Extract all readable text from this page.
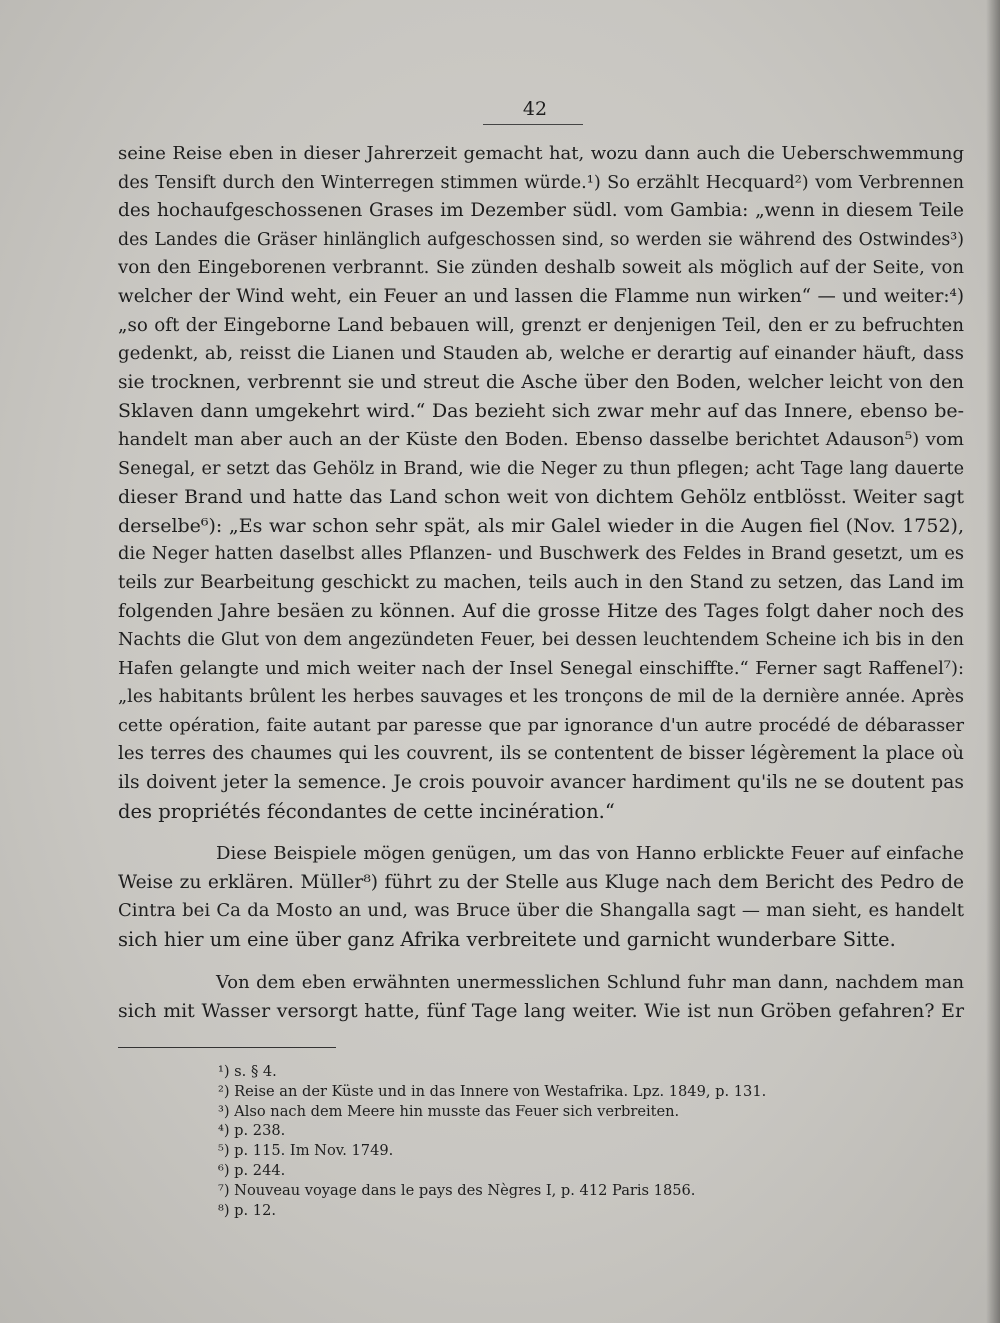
42
seine Reise eben in dieser Jahrerzeit gemacht hat, wozu dann auch die Ueberschwemmung
des Tensift durch den Winterregen stimmen würde.¹) So erzählt Hecquard²) vom Verbrennen
des hochaufgeschossenen Grases im Dezember südl. vom Gambia: „wenn in diesem Teile
des Landes die Gräser hinlänglich aufgeschossen sind, so werden sie während des Ostwindes³)
von den Eingeborenen verbrannt. Sie zünden deshalb soweit als möglich auf der Seite, von
welcher der Wind weht, ein Feuer an und lassen die Flamme nun wirken“ — und weiter:⁴)
„so oft der Eingeborne Land bebauen will, grenzt er denjenigen Teil, den er zu befruchten
gedenkt, ab, reisst die Lianen und Stauden ab, welche er derartig auf einander häuft, dass
sie trocknen, verbrennt sie und streut die Asche über den Boden, welcher leicht von den
Sklaven dann umgekehrt wird.“ Das bezieht sich zwar mehr auf das Innere, ebenso be-
handelt man aber auch an der Küste den Boden. Ebenso dasselbe berichtet Adauson⁵) vom
Senegal, er setzt das Gehölz in Brand, wie die Neger zu thun pflegen; acht Tage lang dauerte
dieser Brand und hatte das Land schon weit von dichtem Gehölz entblösst. Weiter sagt
derselbe⁶): „Es war schon sehr spät, als mir Galel wieder in die Augen fiel (Nov. 1752),
die Neger hatten daselbst alles Pflanzen- und Buschwerk des Feldes in Brand gesetzt, um es
teils zur Bearbeitung geschickt zu machen, teils auch in den Stand zu setzen, das Land im
folgenden Jahre besäen zu können. Auf die grosse Hitze des Tages folgt daher noch des
Nachts die Glut von dem angezündeten Feuer, bei dessen leuchtendem Scheine ich bis in den
Hafen gelangte und mich weiter nach der Insel Senegal einschiffte.“ Ferner sagt Raffenel⁷):
„les habitants brûlent les herbes sauvages et les tronçons de mil de la dernière année. Après
cette opération, faite autant par paresse que par ignorance d'un autre procédé de débarasser
les terres des chaumes qui les couvrent, ils se contentent de bisser légèrement la place où
ils doivent jeter la semence. Je crois pouvoir avancer hardiment qu'ils ne se doutent pas
des propriétés fécondantes de cette incinération.“
Diese Beispiele mögen genügen, um das von Hanno erblickte Feuer auf einfache
Weise zu erklären. Müller⁸) führt zu der Stelle aus Kluge nach dem Bericht des Pedro de
Cintra bei Ca da Mosto an und, was Bruce über die Shangalla sagt — man sieht, es handelt
sich hier um eine über ganz Afrika verbreitete und garnicht wunderbare Sitte.
Von dem eben erwähnten unermesslichen Schlund fuhr man dann, nachdem man
sich mit Wasser versorgt hatte, fünf Tage lang weiter. Wie ist nun Gröben gefahren? Er
¹) s. § 4.
²) Reise an der Küste und in das Innere von Westafrika. Lpz. 1849, p. 131.
³) Also nach dem Meere hin musste das Feuer sich verbreiten.
⁴) p. 238.
⁵) p. 115. Im Nov. 1749.
⁶) p. 244.
⁷) Nouveau voyage dans le pays des Nègres I, p. 412 Paris 1856.
⁸) p. 12.
